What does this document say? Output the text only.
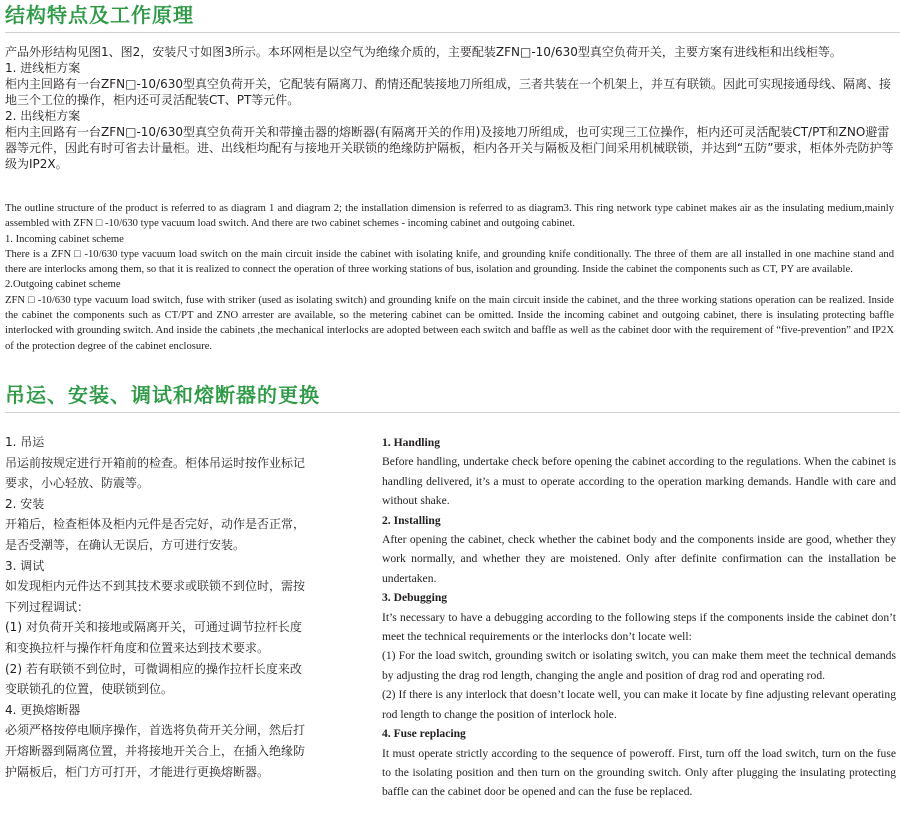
结构特点及工作原理

产品外形结构见图1、图2，安装尺寸如图3所示。本环网柜是以空气为绝缘介质的，主要配装ZFN□-10/630型真空负荷开关，主要方案有进线柜和出线柜等。

1. 进线柜方案

柜内主回路有一台ZFN□-10/630型真空负荷开关，它配装有隔离刀、酌情还配装接地刀所组成，三者共装在一个机架上，并互有联锁。因此可实现接通母线、隔离、接地三个工位的操作，柜内还可灵活配装CT、PT等元件。

2. 出线柜方案

柜内主回路有一台ZFN□-10/630型真空负荷开关和带撞击器的熔断器(有隔离开关的作用)及接地刀所组成，也可实现三工位操作，柜内还可灵活配装CT/PT和ZNO避雷器等元件，因此有时可省去计量柜。进、出线柜均配有与接地开关联锁的绝缘防护隔板，柜内各开关与隔板及柜门间采用机械联锁，并达到“五防”要求，柜体外壳防护等级为IP2X。

The outline structure of the product is referred to as diagram 1 and diagram 2; the installation dimension is referred to as diagram3. This ring network type cabinet makes air as the insulating medium,mainly assembled with ZFN □ -10/630 type vacuum load switch. And there are two cabinet schemes - incoming cabinet and outgoing cabinet.

1. Incoming cabinet scheme

There is a ZFN □ -10/630 type vacuum load switch on the main circuit inside the cabinet with isolating knife, and grounding knife conditionally. The three of them are all installed in one machine stand and there are interlocks among them, so that it is realized to connect the operation of three working stations of bus, isolation and grounding. Inside the cabinet the components such as CT, PY are available.

2.Outgoing cabinet scheme

ZFN □ -10/630 type vacuum load switch, fuse with striker (used as isolating switch) and grounding knife on the main circuit inside the cabinet, and the three working stations operation can be realized. Inside the cabinet the components such as CT/PT and ZNO arrester are available, so the metering cabinet can be omitted. Inside the incoming cabinet and outgoing cabinet, there is insulating protecting baffle interlocked with grounding switch. And inside the cabinets ,the mechanical interlocks are adopted between each switch and baffle as well as the cabinet door with the requirement of “five-prevention” and IP2X of the protection degree of the cabinet enclosure.

吊运、安装、调试和熔断器的更换

1. 吊运

吊运前按规定进行开箱前的检查。柜体吊运时按作业标记要求，小心轻放、防震等。

2. 安装

开箱后，检查柜体及柜内元件是否完好，动作是否正常，是否受潮等，在确认无误后，方可进行安装。

3. 调试

如发现柜内元件达不到其技术要求或联锁不到位时，需按下列过程调试：

(1) 对负荷开关和接地或隔离开关，可通过调节拉杆长度和变换拉杆与操作杆角度和位置来达到技术要求。

(2) 若有联锁不到位时，可微调相应的操作拉杆长度来改变联锁孔的位置，使联锁到位。

4. 更换熔断器

必须严格按停电顺序操作，首选将负荷开关分闸，然后打开熔断器到隔离位置，并将接地开关合上，在插入绝缘防护隔板后，柜门方可打开，才能进行更换熔断器。

1. Handling

Before handling, undertake check before opening the cabinet according to the regulations. When the cabinet is handling delivered, it’s a must to operate according to the operation marking demands. Handle with care and without shake.

2. Installing

After opening the cabinet, check whether the cabinet body and the components inside are good, whether they work normally, and whether they are moistened. Only after definite confirmation can the installation be undertaken.

3. Debugging

It’s necessary to have a debugging according to the following steps if the components inside the cabinet don’t meet the technical requirements or the interlocks don’t locate well:

(1) For the load switch, grounding switch or isolating switch, you can make them meet the technical demands by adjusting the drag rod length, changing the angle and position of drag rod and operating rod.

(2) If there is any interlock that doesn’t locate well, you can make it locate by fine adjusting relevant operating rod length to change the position of interlock hole.

4. Fuse replacing

It must operate strictly according to the sequence of poweroff. First, turn off the load switch, turn on the fuse to the isolating position and then turn on the grounding switch. Only after plugging the insulating protecting baffle can the cabinet door be opened and can the fuse be replaced.
